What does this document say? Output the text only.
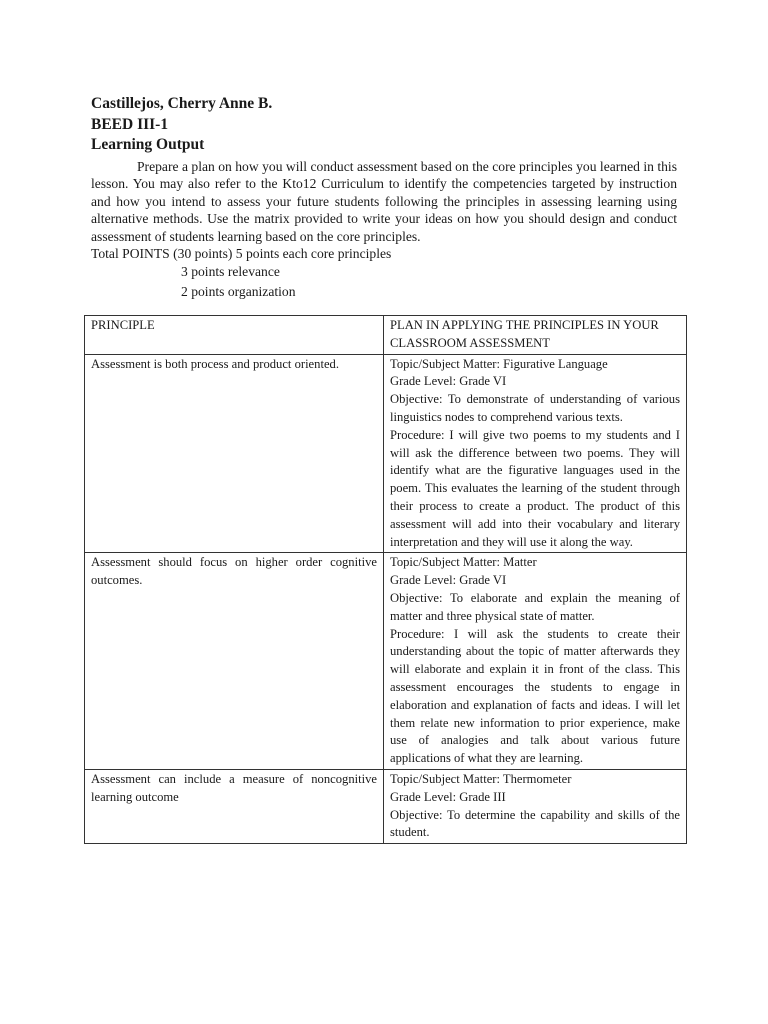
Castillejos, Cherry Anne B.
BEED III-1
Learning Output
Prepare a plan on how you will conduct assessment based on the core principles you learned in this lesson. You may also refer to the Kto12 Curriculum to identify the competencies targeted by instruction and how you intend to assess your future students following the principles in assessing learning using alternative methods. Use the matrix provided to write your ideas on how you should design and conduct assessment of students learning based on the core principles.
Total POINTS (30 points) 5 points each core principles
3 points relevance
2 points organization
PRINCIPLE	PLAN IN APPLYING THE PRINCIPLES IN YOUR CLASSROOM ASSESSMENT
Assessment is both process and product oriented.	Topic/Subject Matter: Figurative Language

Grade Level: Grade VI

Objective: To demonstrate of understanding of various linguistics nodes to comprehend various texts.

Procedure: I will give two poems to my students and I will ask the difference between two poems. They will identify what are the figurative languages used in the poem. This evaluates the learning of the student through their process to create a product. The product of this assessment will add into their vocabulary and literary interpretation and they will use it along the way.

Assessment should focus on higher order cognitive outcomes.	Topic/Subject Matter: Matter

Grade Level: Grade VI

Objective: To elaborate and explain the meaning of matter and three physical state of matter.

Procedure: I will ask the students to create their understanding about the topic of matter afterwards they will elaborate and explain it in front of the class. This assessment encourages the students to engage in elaboration and explanation of facts and ideas. I will let them relate new information to prior experience, make use of analogies and talk about various future applications of what they are learning.

Assessment can include a measure of noncognitive learning outcome	Topic/Subject Matter: Thermometer

Grade Level: Grade III

Objective: To determine the capability and skills of the student.
